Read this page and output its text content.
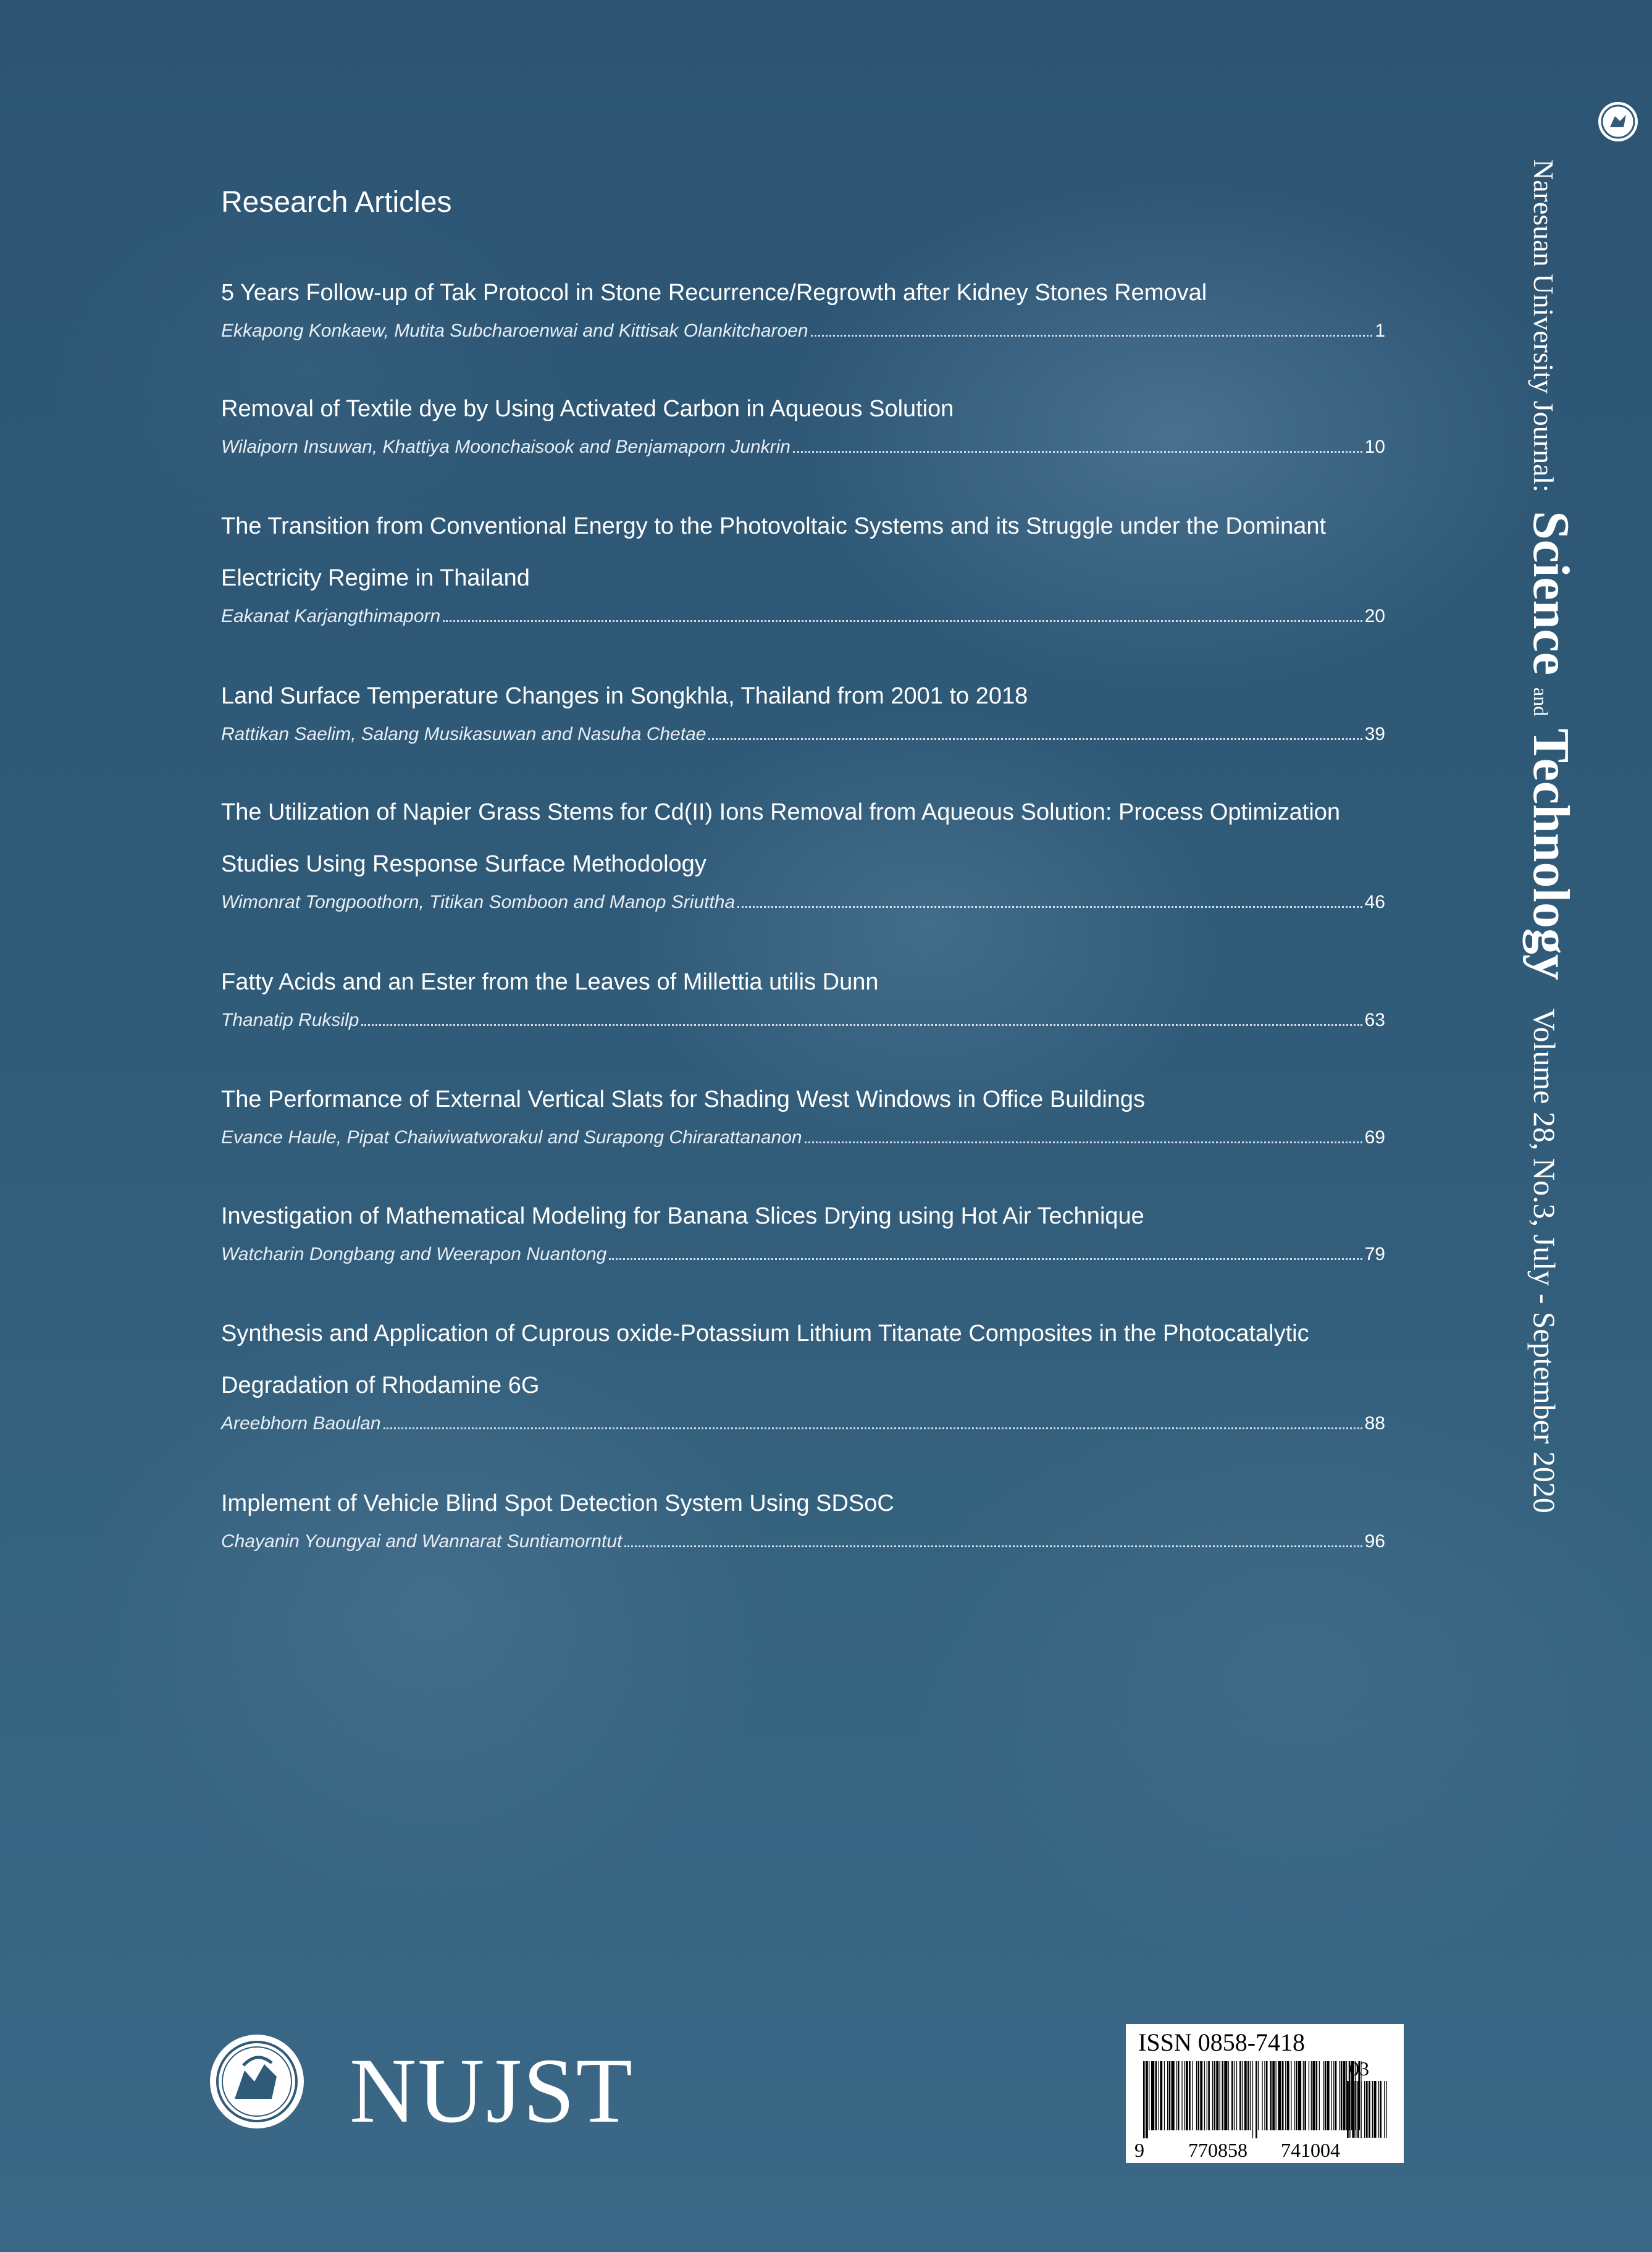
Research Articles
5 Years Follow-up of Tak Protocol in Stone Recurrence/Regrowth after Kidney Stones Removal
Ekkapong Konkaew, Mutita Subcharoenwai and Kittisak Olankitcharoen	1
Removal of Textile dye by Using Activated Carbon in Aqueous Solution
Wilaiporn Insuwan, Khattiya Moonchaisook and Benjamaporn Junkrin	10
The Transition from Conventional Energy to the Photovoltaic Systems and its Struggle under the Dominant
Electricity Regime in Thailand
Eakanat Karjangthimaporn	20
Land Surface Temperature Changes in Songkhla, Thailand from 2001 to 2018
Rattikan Saelim, Salang Musikasuwan and Nasuha Chetae	39
The Utilization of Napier Grass Stems for Cd(II) Ions Removal from Aqueous Solution: Process Optimization
Studies Using Response Surface Methodology
Wimonrat Tongpoothorn, Titikan Somboon and Manop Sriuttha	46
Fatty Acids and an Ester from the Leaves of Millettia utilis Dunn
Thanatip Ruksilp	63
The Performance of External Vertical Slats for Shading West Windows in Office Buildings
Evance Haule, Pipat Chaiwiwatworakul and Surapong Chirarattananon	69
Investigation of Mathematical Modeling for Banana Slices Drying using Hot Air Technique
Watcharin Dongbang and Weerapon Nuantong	79
Synthesis and Application of Cuprous oxide-Potassium Lithium Titanate Composites in the Photocatalytic
Degradation of Rhodamine 6G
Areebhorn Baoulan	88
Implement of Vehicle Blind Spot Detection System Using SDSoC
Chayanin Youngyai and Wannarat Suntiamorntut	96
Naresuan University Journal:
Science
and
Technology
Volume 28, No.3, July - September 2020
NUJST	ISSN 0858-7418
03
9	770858	741004
